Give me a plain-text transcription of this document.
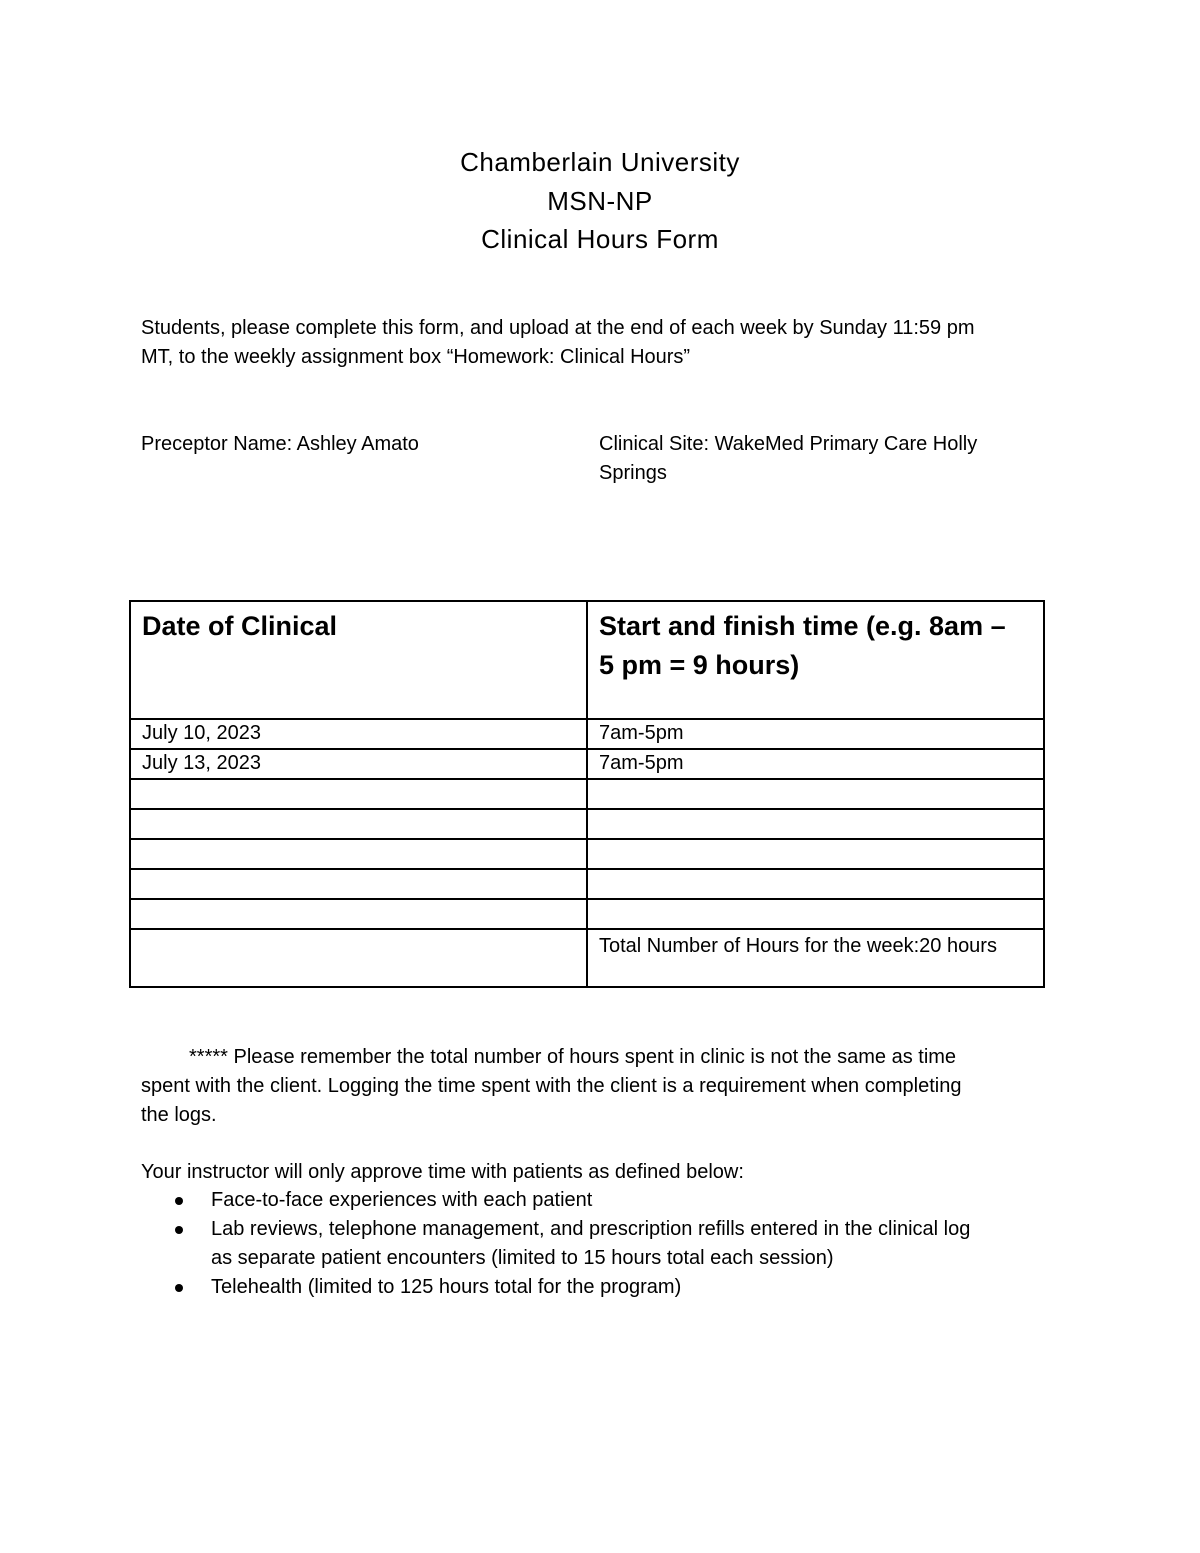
Chamberlain University
MSN-NP
Clinical Hours Form
Students, please complete this form, and upload at the end of each week by Sunday 11:59 pm
MT, to the weekly assignment box “Homework: Clinical Hours”
Preceptor Name: Ashley Amato	Clinical Site: WakeMed Primary Care Holly
Springs
Date of Clinical	Start and finish time (e.g. 8am –
5 pm = 9 hours)

July 10, 2023	7am-5pm
July 13, 2023	7am-5pm

	Total Number of Hours for the week:20 hours
***** Please remember the total number of hours spent in clinic is not the same as time
spent with the client. Logging the time spent with the client is a requirement when completing
the logs.
Your instructor will only approve time with patients as defined below:
Face-to-face experiences with each patient
Lab reviews, telephone management, and prescription refills entered in the clinical log
as separate patient encounters (limited to 15 hours total each session)
Telehealth (limited to 125 hours total for the program)
